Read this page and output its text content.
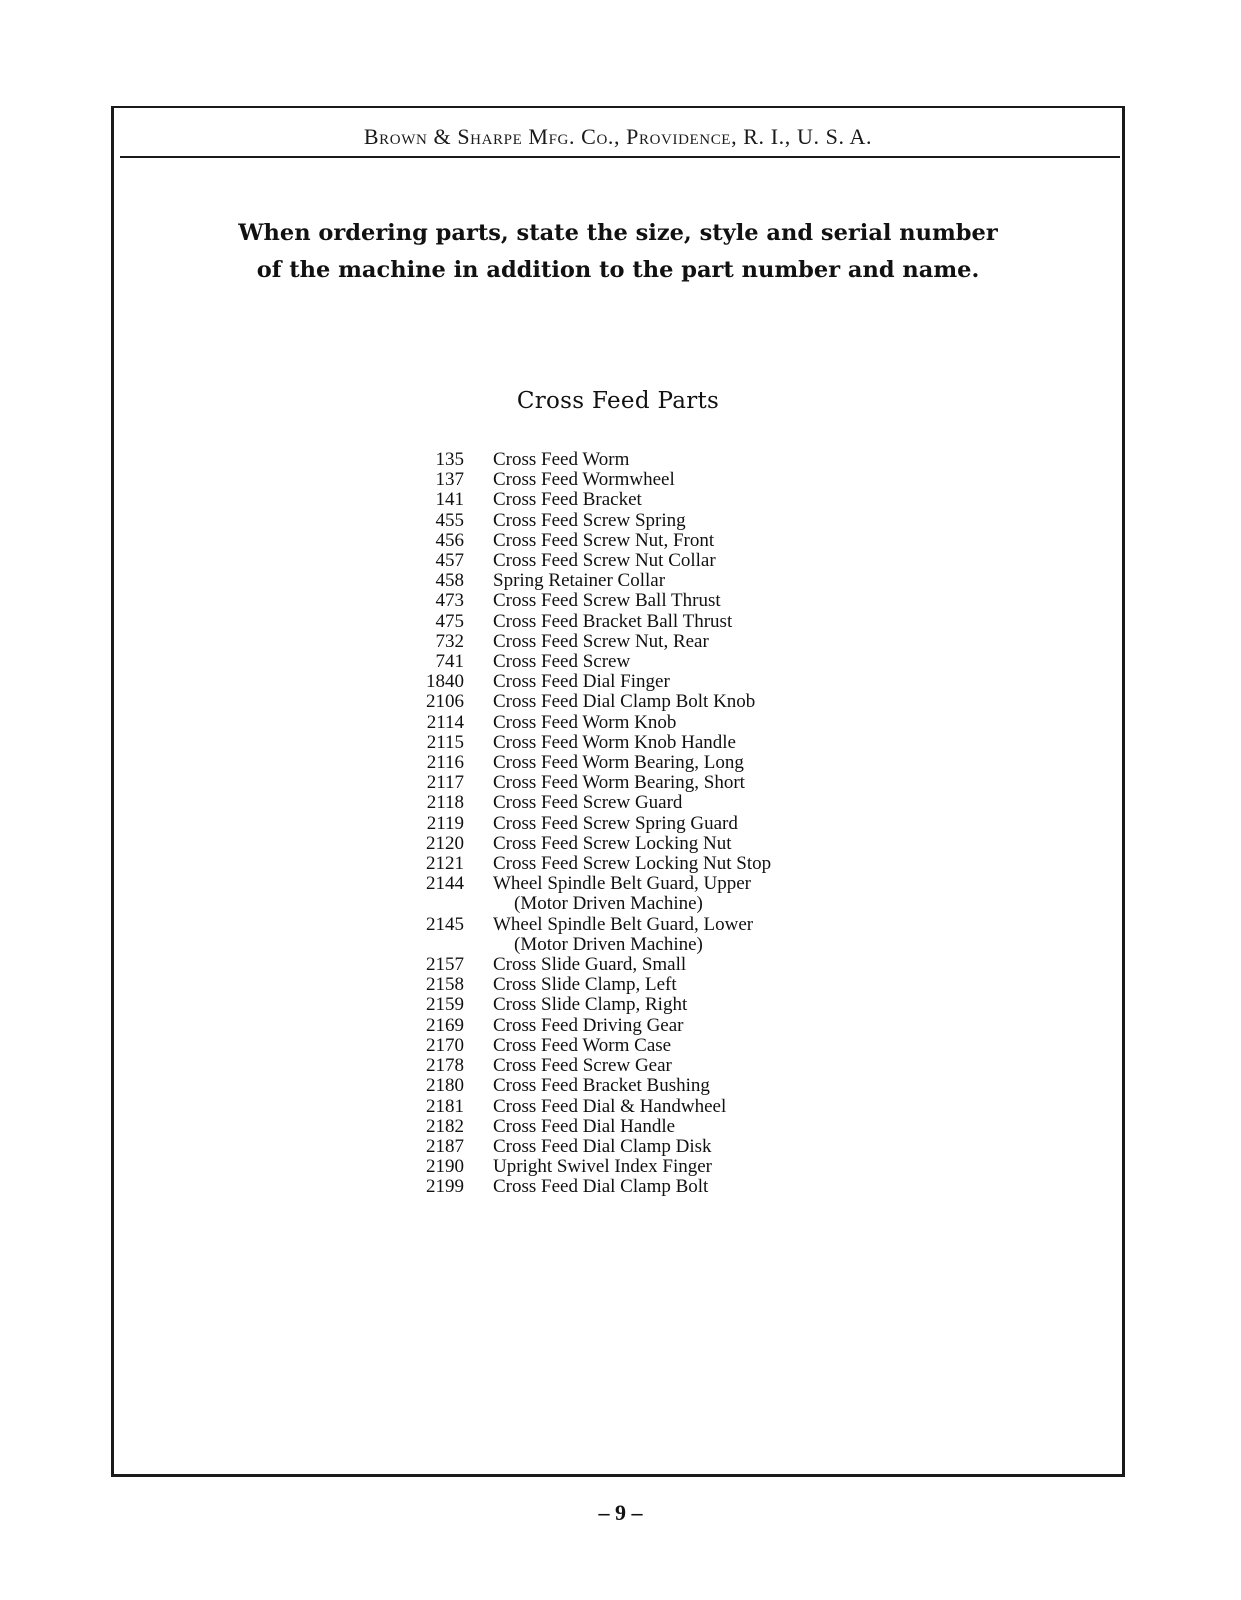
Brown & Sharpe Mfg. Co., Providence, R. I., U. S. A.
When ordering parts, state the size, style and serial number
of the machine in addition to the part number and name.
Cross Feed Parts
135 Cross Feed Worm
137 Cross Feed Wormwheel
141 Cross Feed Bracket
455 Cross Feed Screw Spring
456 Cross Feed Screw Nut, Front
457 Cross Feed Screw Nut Collar
458 Spring Retainer Collar
473 Cross Feed Screw Ball Thrust
475 Cross Feed Bracket Ball Thrust
732 Cross Feed Screw Nut, Rear
741 Cross Feed Screw
1840 Cross Feed Dial Finger
2106 Cross Feed Dial Clamp Bolt Knob
2114 Cross Feed Worm Knob
2115 Cross Feed Worm Knob Handle
2116 Cross Feed Worm Bearing, Long
2117 Cross Feed Worm Bearing, Short
2118 Cross Feed Screw Guard
2119 Cross Feed Screw Spring Guard
2120 Cross Feed Screw Locking Nut
2121 Cross Feed Screw Locking Nut Stop
2144 Wheel Spindle Belt Guard, Upper
(Motor Driven Machine)
2145 Wheel Spindle Belt Guard, Lower
(Motor Driven Machine)
2157 Cross Slide Guard, Small
2158 Cross Slide Clamp, Left
2159 Cross Slide Clamp, Right
2169 Cross Feed Driving Gear
2170 Cross Feed Worm Case
2178 Cross Feed Screw Gear
2180 Cross Feed Bracket Bushing
2181 Cross Feed Dial & Handwheel
2182 Cross Feed Dial Handle
2187 Cross Feed Dial Clamp Disk
2190 Upright Swivel Index Finger
2199 Cross Feed Dial Clamp Bolt
– 9 –
